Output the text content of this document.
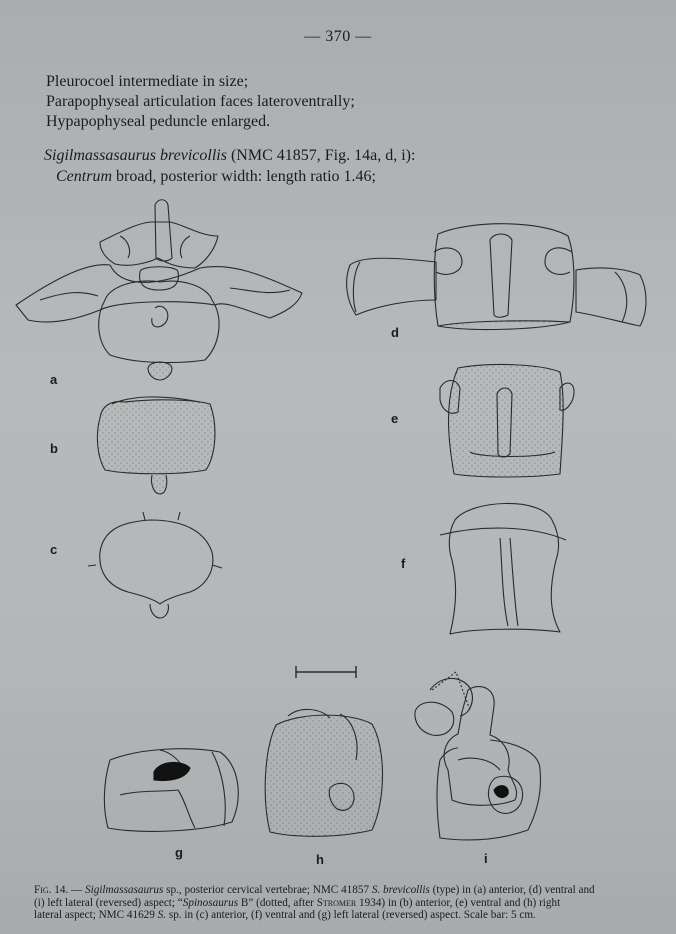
— 370 —
Pleurocoel intermediate in size;
Parapophyseal articulation faces lateroventrally;
Hypapophyseal peduncle enlarged.
Sigilmassasaurus brevicollis (NMC 41857, Fig. 14a, d, i):
Centrum broad, posterior width: length ratio 1.46;
a
b
c
d
e
f
g	h	i
Fig. 14. — Sigilmassasaurus sp., posterior cervical vertebrae; NMC 41857 S. brevicollis (type) in (a) anterior, (d) ventral and
(i) left lateral (reversed) aspect; “Spinosaurus B” (dotted, after Stromer 1934) in (b) anterior, (e) ventral and (h) right
lateral aspect; NMC 41629 S. sp. in (c) anterior, (f) ventral and (g) left lateral (reversed) aspect. Scale bar: 5 cm.
